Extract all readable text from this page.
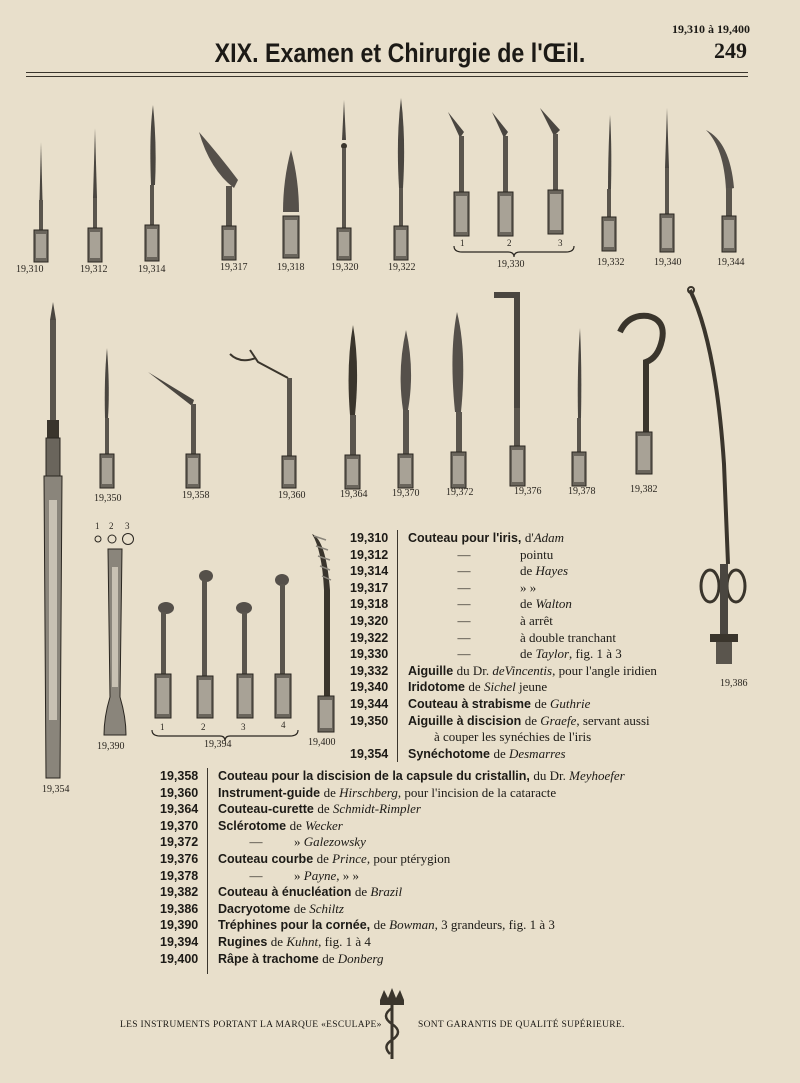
19,310 à 19,400
249
XIX. Examen et Chirurgie de l'Œil.
19,310	19,312	19,314	19,317	19,318	19,320	19,322	19,330	19,332	19,340	19,344
1	2	3
19,350	19,358	19,360	19,364 19,370	19,372	19,376	19,378	19,382
19,386
19,354
19,390	19,394	19,400
1 2 3
1	2	3	4
19,310	Couteau pour l'iris, d'Adam
19,312	—	pointu
19,314	—	de Hayes
19,317	—	» »
19,318	—	de Walton
19,320	—	à arrêt
19,322	—	à double tranchant
19,330	—	de Taylor, fig. 1 à 3
19,332	Aiguille du Dr. deVincentis, pour l'angle iridien
19,340	Iridotome de Sichel jeune
19,344	Couteau à strabisme de Guthrie
19,350	Aiguille à discision de Graefe, servant aussi
à couper les synéchies de l'iris
19,354	Synéchotome de Desmarres
19,358	Couteau pour la discision de la capsule du cristallin, du Dr. Meyhoefer
19,360	Instrument-guide de Hirschberg, pour l'incision de la cataracte
19,364	Couteau-curette de Schmidt-Rimpler
19,370	Sclérotome de Wecker
19,372	— » Galezowsky
19,376	Couteau courbe de Prince, pour ptérygion
19,378	— » Payne, » »
19,382	Couteau à énucléation de Brazil
19,386	Dacryotome de Schiltz
19,390	Tréphines pour la cornée, de Bowman, 3 grandeurs, fig. 1 à 3
19,394	Rugines de Kuhnt, fig. 1 à 4
19,400	Râpe à trachome de Donberg
LES INSTRUMENTS PORTANT LA MARQUE «ESCULAPE»	SONT GARANTIS DE QUALITÉ SUPÉRIEURE.
